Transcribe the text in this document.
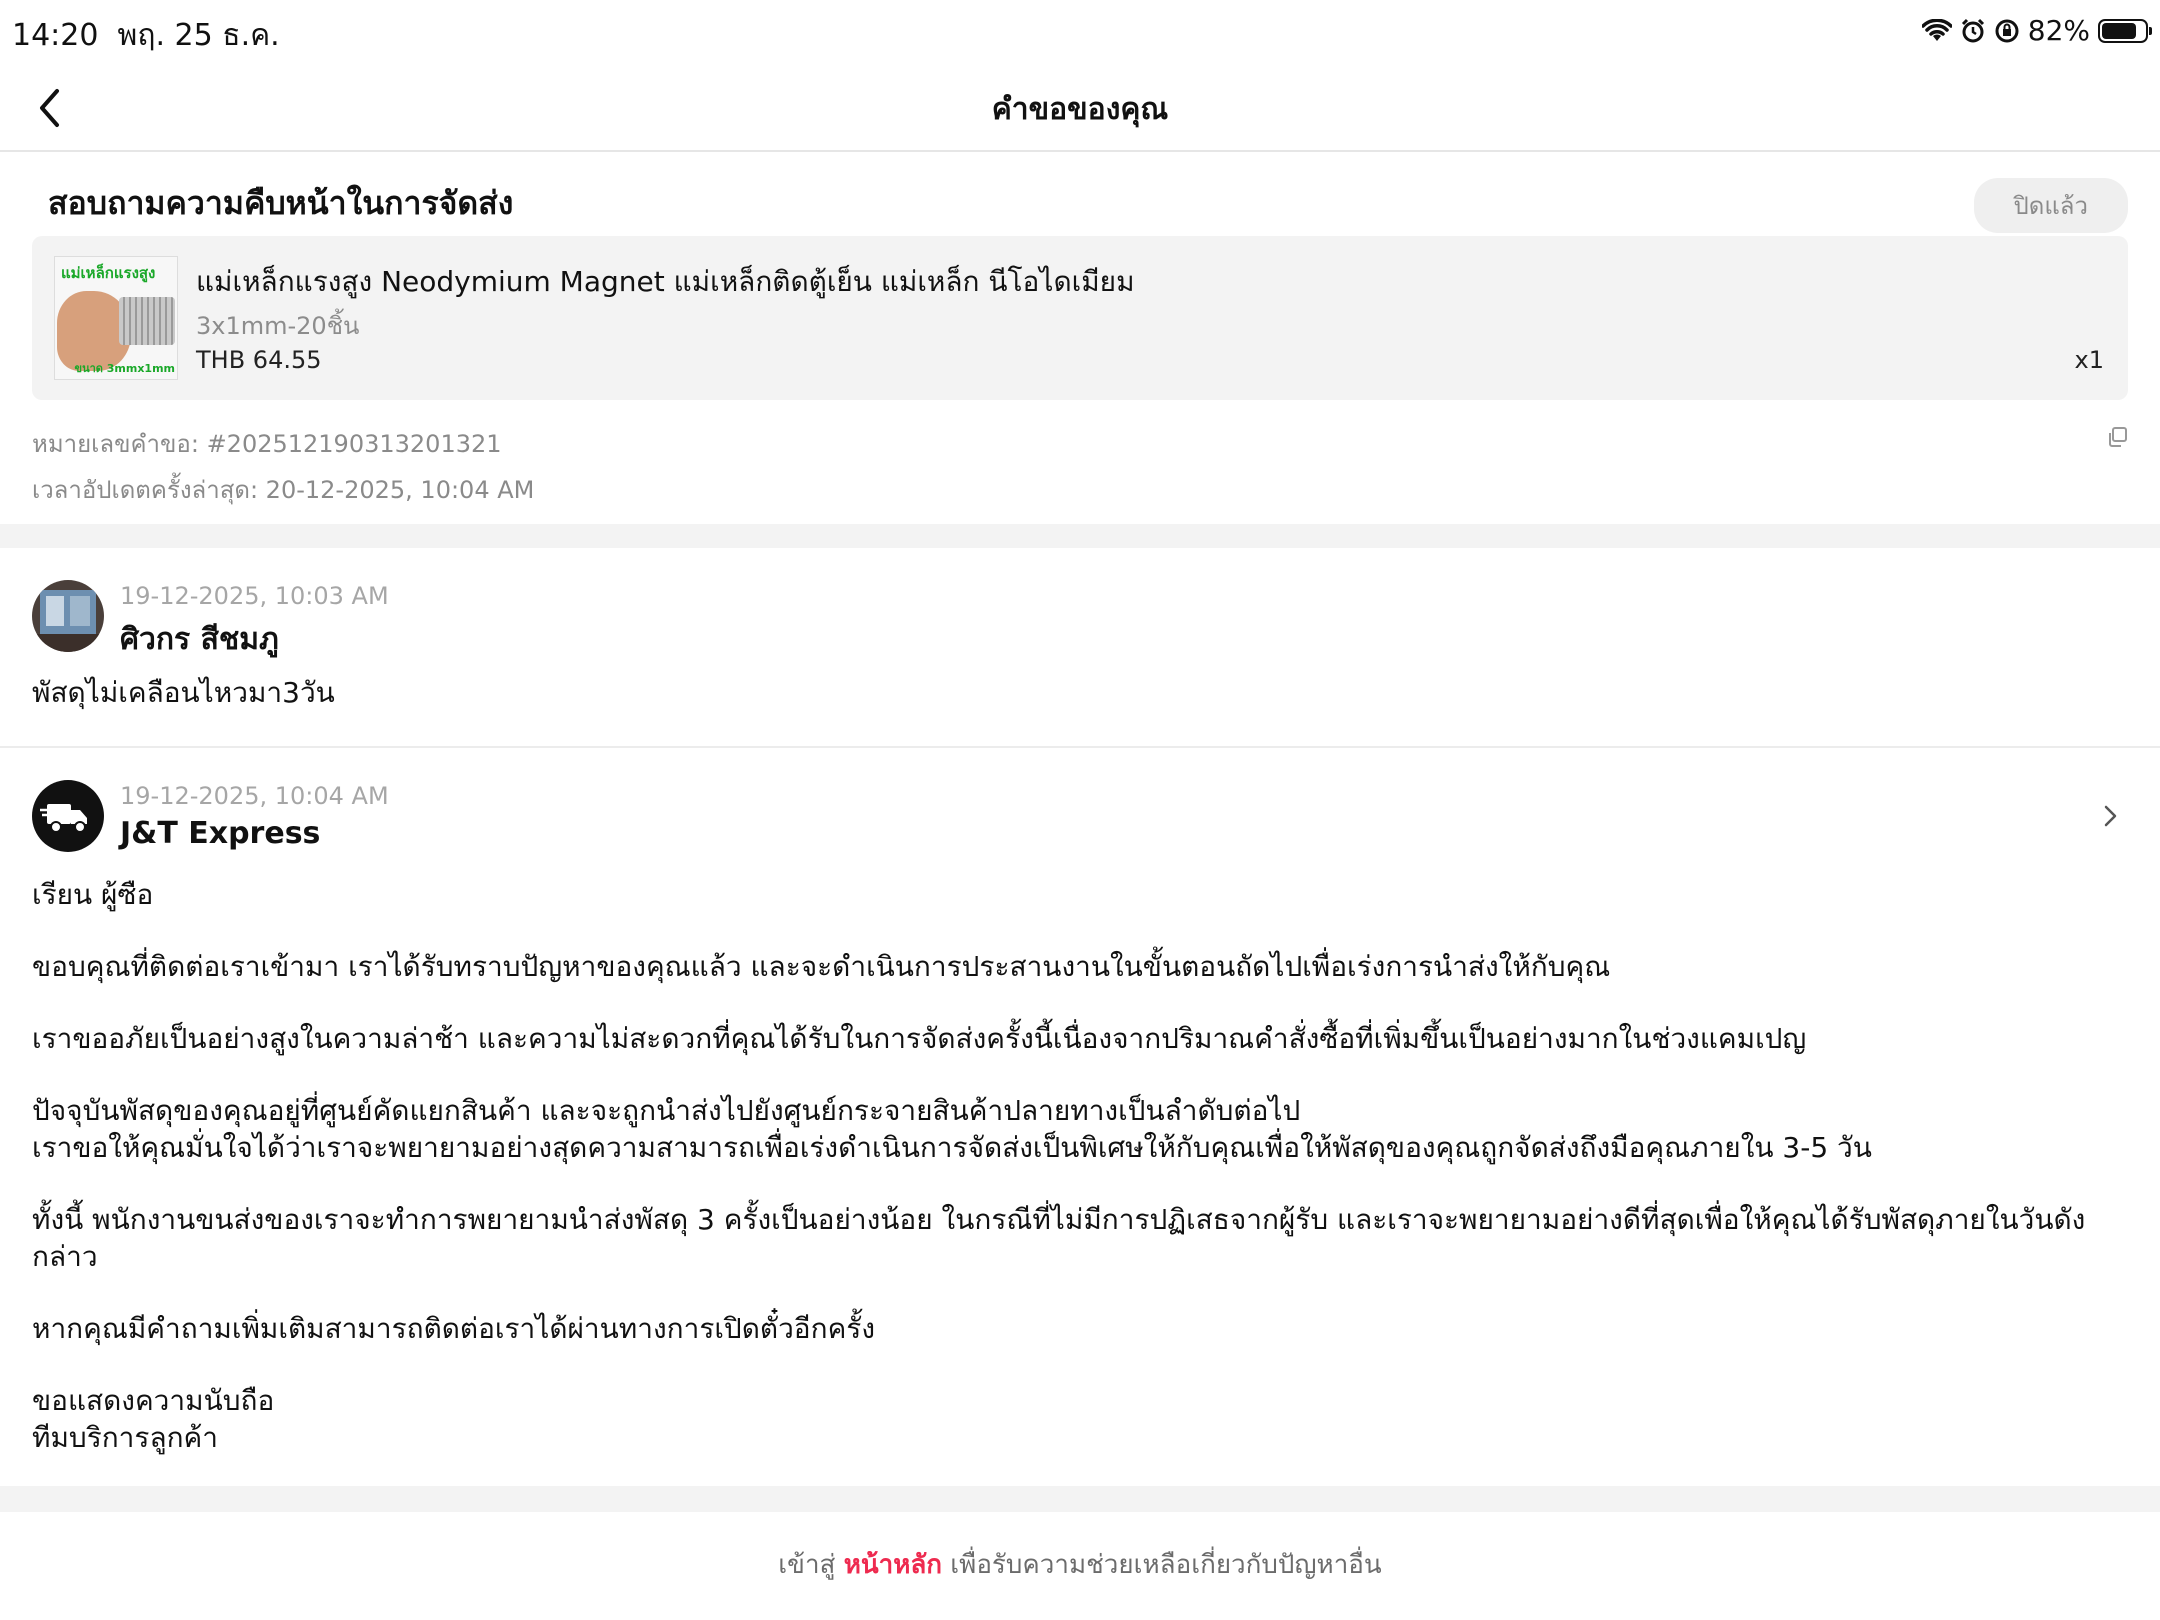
14:20 พฤ. 25 ธ.ค.	82%
คำขอของคุณ
สอบถามความคืบหน้าในการจัดส่ง	ปิดแล้ว
แม่เหล็กแรงสูง
ขนาด 3mmx1mm
แม่เหล็กแรงสูง Neodymium Magnet แม่เหล็กติดตู้เย็น แม่เหล็ก นีโอไดเมียม
3x1mm-20ชิ้น
THB 64.55	x1
หมายเลขคำขอ: #202512190313201321
เวลาอัปเดตครั้งล่าสุด: 20-12-2025, 10:04 AM
19-12-2025, 10:03 AM
ศิวกร สีชมภู

พัสดุไม่เคลือนไหวมา3วัน

19-12-2025, 10:04 AM
J&T Express

เรียน ผู้ซือ

ขอบคุณที่ติดต่อเราเข้ามา เราได้รับทราบปัญหาของคุณแล้ว และจะดำเนินการประสานงานในขั้นตอนถัดไปเพื่อเร่งการนำส่งให้กับคุณ

เราขออภัยเป็นอย่างสูงในความล่าช้า และความไม่สะดวกที่คุณได้รับในการจัดส่งครั้งนี้เนื่องจากปริมาณคำสั่งซื้อที่เพิ่มขึ้นเป็นอย่างมากในช่วงแคมเปญ

ปัจจุบันพัสดุของคุณอยู่ที่ศูนย์คัดแยกสินค้า และจะถูกนำส่งไปยังศูนย์กระจายสินค้าปลายทางเป็นลำดับต่อไป
เราขอให้คุณมั่นใจได้ว่าเราจะพยายามอย่างสุดความสามารถเพื่อเร่งดำเนินการจัดส่งเป็นพิเศษให้กับคุณเพื่อให้พัสดุของคุณถูกจัดส่งถึงมือคุณภายใน 3-5 วัน

ทั้งนี้ พนักงานขนส่งของเราจะทำการพยายามนำส่งพัสดุ 3 ครั้งเป็นอย่างน้อย ในกรณีที่ไม่มีการปฏิเสธจากผู้รับ และเราจะพยายามอย่างดีที่สุดเพื่อให้คุณได้รับพัสดุภายในวันดังกล่าว

หากคุณมีคำถามเพิ่มเติมสามารถติดต่อเราได้ผ่านทางการเปิดตั๋วอีกครั้ง

ขอแสดงความนับถือ
ทีมบริการลูกค้า

เข้าสู่ หน้าหลัก เพื่อรับความช่วยเหลือเกี่ยวกับปัญหาอื่น
